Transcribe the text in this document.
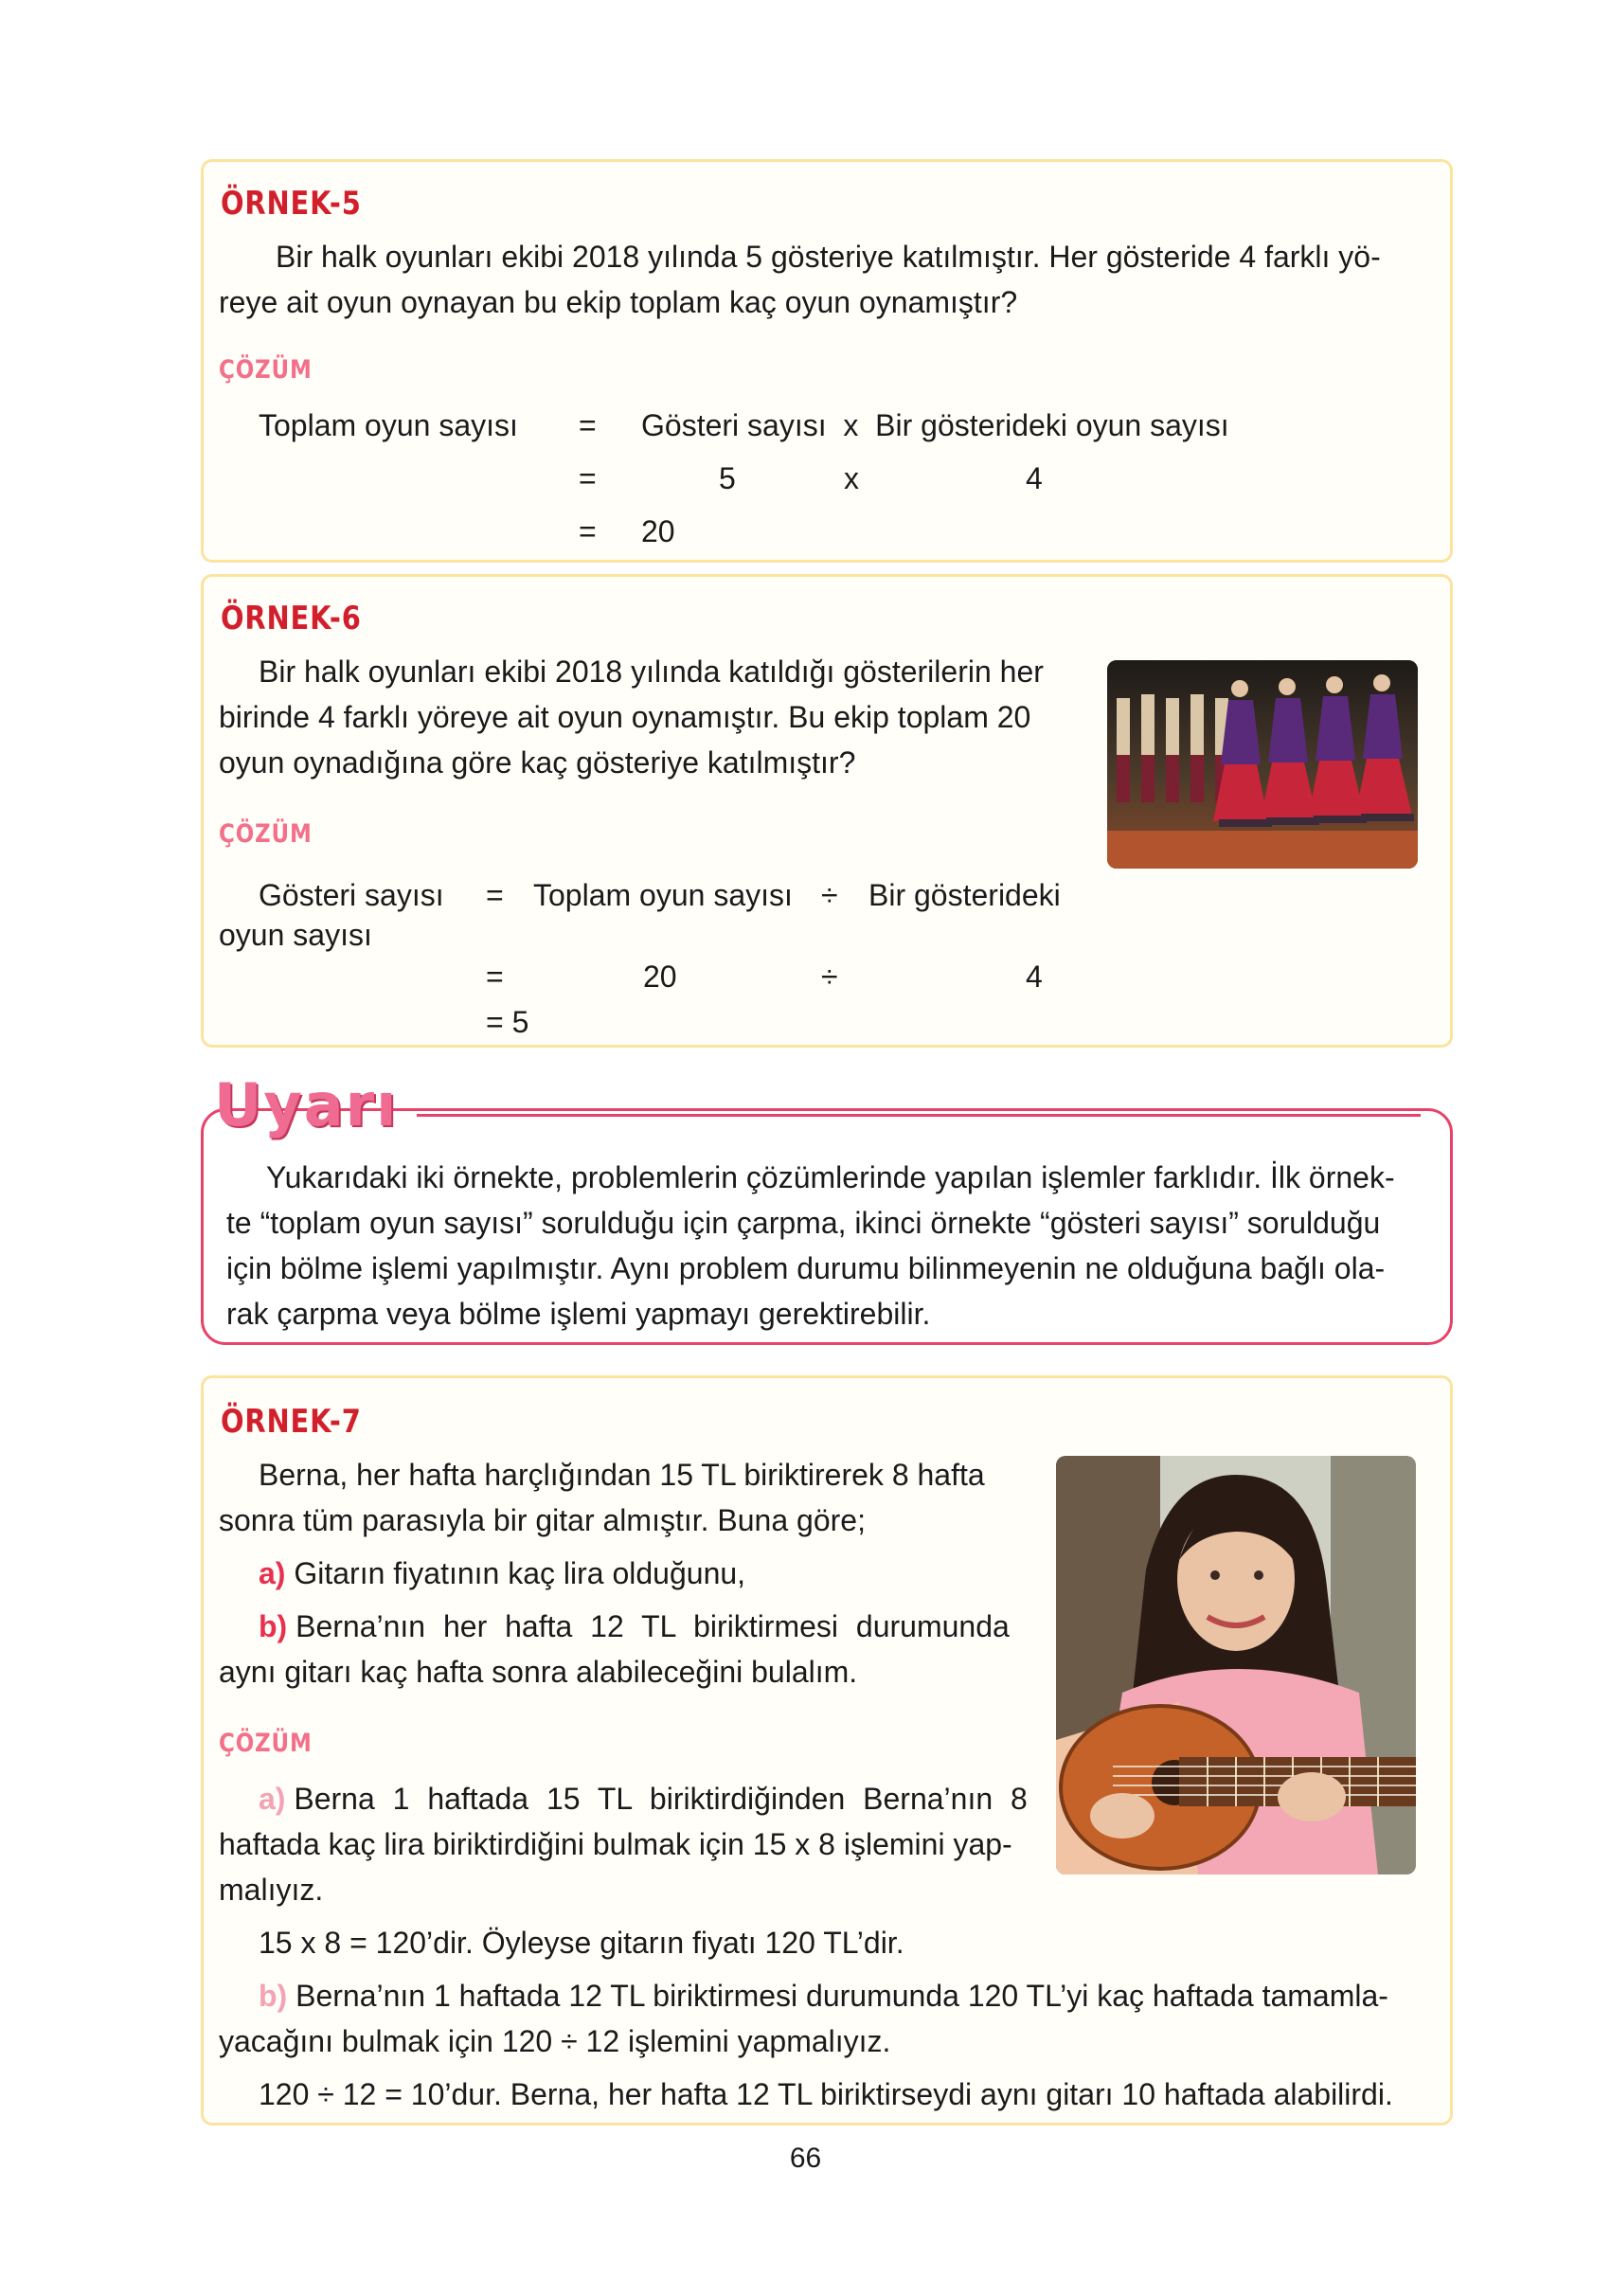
ÖRNEK-5
Bir halk oyunları ekibi 2018 yılında 5 gösteriye katılmıştır. Her gösteride 4 farklı yö-
reye ait oyun oynayan bu ekip toplam kaç oyun oynamıştır?
ÇÖZÜM
Toplam oyun sayısı = Gösteri sayısı  x  Bir gösterideki oyun sayısı
=	5	x	4
= 20
ÖRNEK-6
Bir halk oyunları ekibi 2018 yılında katıldığı gösterilerin her
birinde 4 farklı yöreye ait oyun oynamıştır. Bu ekip toplam 20
oyun oynadığına göre kaç gösteriye katılmıştır?
ÇÖZÜM
Gösteri sayısı = Toplam oyun sayısı ÷ Bir gösterideki
oyun sayısı
=	20	÷	4
= 5
Yukarıdaki iki örnekte, problemlerin çözümlerinde yapılan işlemler farklıdır. İlk örnek-
te “toplam oyun sayısı” sorulduğu için çarpma, ikinci örnekte “gösteri sayısı” sorulduğu
için bölme işlemi yapılmıştır. Aynı problem durumu bilinmeyenin ne olduğuna bağlı ola-
rak çarpma veya bölme işlemi yapmayı gerektirebilir.
Uyarı
ÖRNEK-7
Berna, her hafta harçlığından 15 TL biriktirerek 8 hafta
sonra tüm parasıyla bir gitar almıştır. Buna göre;
a) Gitarın fiyatının kaç lira olduğunu,
b) Berna’nın her hafta 12 TL biriktirmesi durumunda
aynı gitarı kaç hafta sonra alabileceğini bulalım.
ÇÖZÜM
a) Berna 1 haftada 15 TL biriktirdiğinden Berna’nın 8
haftada kaç lira biriktirdiğini bulmak için 15 x 8 işlemini yap-
malıyız.
15 x 8 = 120’dir. Öyleyse gitarın fiyatı 120 TL’dir.
b) Berna’nın 1 haftada 12 TL biriktirmesi durumunda 120 TL’yi kaç haftada tamamla-
yacağını bulmak için 120 ÷ 12 işlemini yapmalıyız.
120 ÷ 12 = 10’dur. Berna, her hafta 12 TL biriktirseydi aynı gitarı 10 haftada alabilirdi.
66
